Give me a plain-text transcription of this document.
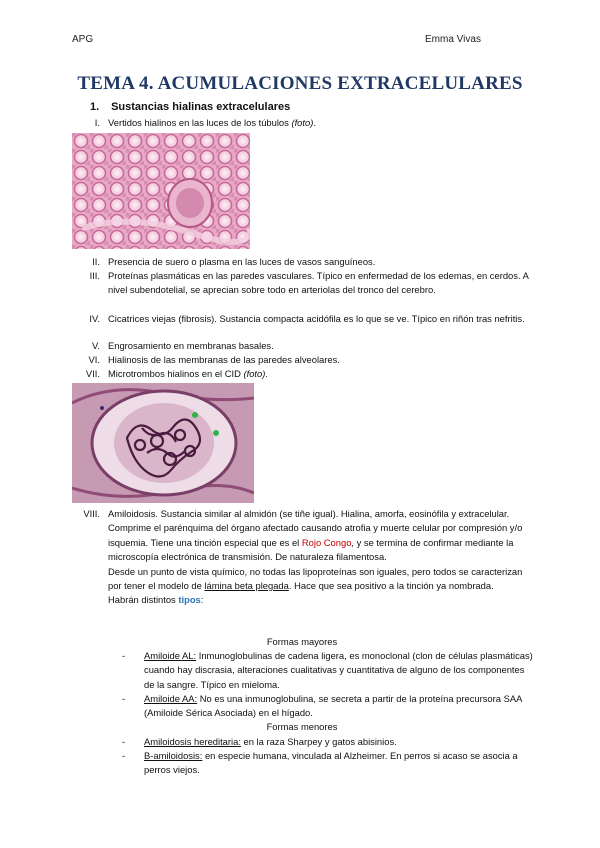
APG	Emma Vivas
TEMA 4. ACUMULACIONES EXTRACELULARES
1. Sustancias hialinas extracelulares
I. Vertidos hialinos en las luces de los túbulos (foto).
II. Presencia de suero o plasma en las luces de vasos sanguíneos.
III. Proteínas plasmáticas en las paredes vasculares. Típico en enfermedad de los edemas, en cerdos. A nivel subendotelial, se aprecian sobre todo en arteriolas del tronco del cerebro.
IV. Cicatrices viejas (fibrosis). Sustancia compacta acidófila es lo que se ve. Típico en riñón tras nefritis.
V. Engrosamiento en membranas basales.
VI. Hialinosis de las membranas de las paredes alveolares.
VII. Microtrombos hialinos en el CID (foto).
VIII. Amiloidosis. Sustancia similar al almidón (se tiñe igual). Hialina, amorfa, eosinófila y extracelular. Comprime el parénquima del órgano afectado causando atrofia y muerte celular por compresión y/o isquemia. Tiene una tinción especial que es el Rojo Congo, y se termina de confirmar mediante la microscopía electrónica de transmisión. De naturaleza filamentosa.
Desde un punto de vista químico, no todas las lipoproteínas son iguales, pero todos se caracterizan por tener el modelo de lámina beta plegada. Hace que sea positivo a la tinción ya nombrada.
Habrán distintos tipos:
Formas mayores
- Amiloide AL: Inmunoglobulinas de cadena ligera, es monoclonal (clon de células plasmáticas) cuando hay discrasia, alteraciones cualitativas y cuantitativa de alguno de los componentes de la sangre. Típico en mieloma.
- Amiloide AA: No es una inmunoglobulina, se secreta a partir de la proteína precursora SAA (Amiloide Sérica Asociada) en el hígado.
Formas menores
- Amiloidosis hereditaria: en la raza Sharpey y gatos abisinios.
- B-amiloidosis: en especie humana, vinculada al Alzheimer. En perros si acaso se asocia a perros viejos.
